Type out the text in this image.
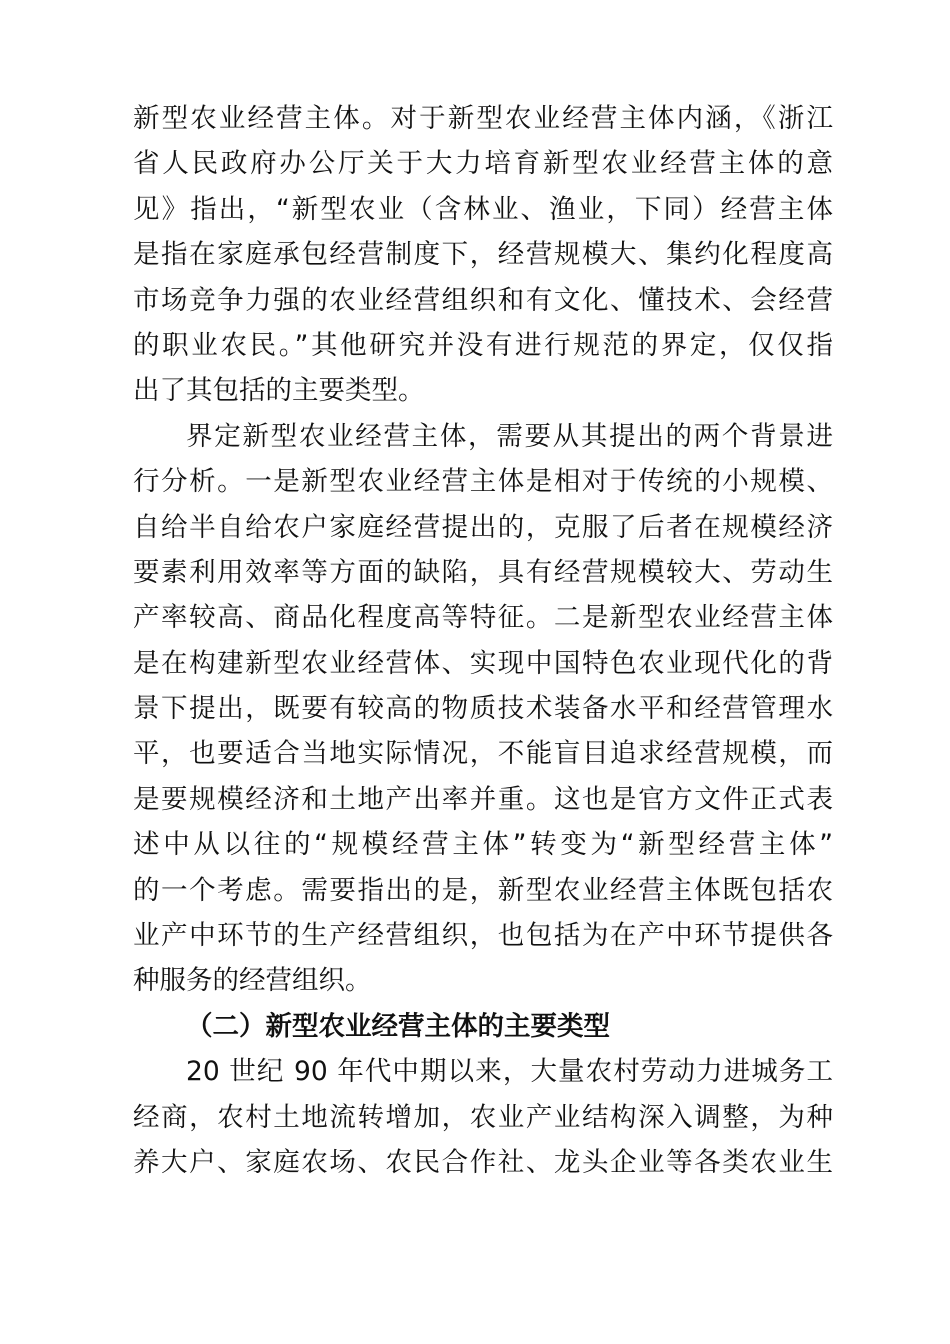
新型农业经营主体。对于新型农业经营主体内涵，《浙江
省人民政府办公厅关于大力培育新型农业经营主体的意
见》指出，“新型农业（含林业、渔业，下同）经营主体
是指在家庭承包经营制度下，经营规模大、集约化程度高
市场竞争力强的农业经营组织和有文化、懂技术、会经营
的职业农民。”其他研究并没有进行规范的界定，仅仅指
出了其包括的主要类型。
界定新型农业经营主体，需要从其提出的两个背景进
行分析。一是新型农业经营主体是相对于传统的小规模、
自给半自给农户家庭经营提出的，克服了后者在规模经济
要素利用效率等方面的缺陷，具有经营规模较大、劳动生
产率较高、商品化程度高等特征。二是新型农业经营主体
是在构建新型农业经营体、实现中国特色农业现代化的背
景下提出，既要有较高的物质技术装备水平和经营管理水
平，也要适合当地实际情况，不能盲目追求经营规模，而
是要规模经济和土地产出率并重。这也是官方文件正式表
述中从以往的“规模经营主体”转变为“新型经营主体”
的一个考虑。需要指出的是，新型农业经营主体既包括农
业产中环节的生产经营组织，也包括为在产中环节提供各
种服务的经营组织。
（二）新型农业经营主体的主要类型
20 世纪 90 年代中期以来，大量农村劳动力进城务工
经商，农村土地流转增加，农业产业结构深入调整，为种
养大户、家庭农场、农民合作社、龙头企业等各类农业生
